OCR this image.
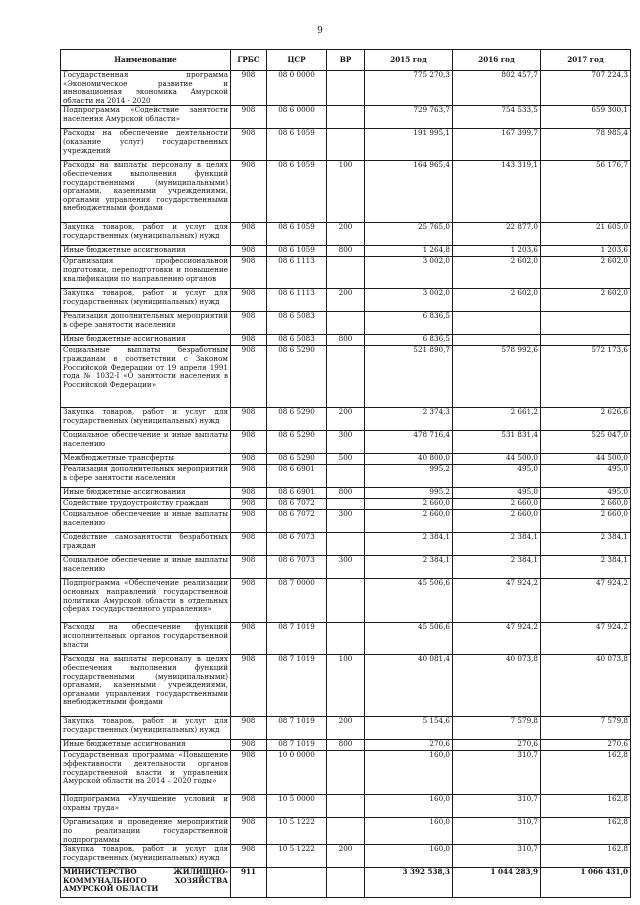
9
Наименование	ГРБС	ЦСР	ВР	2015 год	2016 год	2017 год
Государственная программа «Экономическое развитие и инновационная экономика Амурской области на 2014 - 2020	908	08 0 0000		775 270,3	802 457,7	707 224,3
Подпрограмма «Содействие занятости населения Амурской области»	908	08 6 0000		729 763,7	754 533,5	659 300,1
Расходы на обеспечение деятельности (оказание услуг) государственных учреждений	908	08 6 1059		191 995,1	167 399,7	78 985,4
Расходы на выплаты персоналу в целях обеспечения выполнения функций государственными (муниципальными) органами, казенными учреждениями, органами управления государственными внебюджетными фондами	908	08 6 1059	100	164 965,4	143 319,1	56 176,7
Закупка товаров, работ и услуг для государственных (муниципальных) нужд	908	08 6 1059	200	25 765,0	22 877,0	21 605,0
Иные бюджетные ассигнования	908	08 6 1059	800	1 264,8	1 203,6	1 203,6
Организация профессиональной подготовки, переподготовки и повышение квалификации по направлению органов	908	08 6 1113		3 002,0	2 602,0	2 602,0
Закупка товаров, работ и услуг для государственных (муниципальных) нужд	908	08 6 1113	200	3 002,0	2 602,0	2 602,0
Реализация дополнительных мероприятий в сфере занятости населения	908	08 6 5083		6 836,5		
Иные бюджетные ассигнования	908	08 6 5083	800	6 836,5		
Социальные выплаты безработным гражданам в соответствии с Законом Российской Федерации от 19 апреля 1991 года № 1032-I «О занятости населения в Российской Федерации»	908	08 6 5290		521 890,7	578 992,6	572 173,6
Закупка товаров, работ и услуг для государственных (муниципальных) нужд	908	08 6 5290	200	2 374,3	2 661,2	2 626,6
Социальное обеспечение и иные выплаты населению	908	08 6 5290	300	478 716,4	531 831,4	525 047,0
Межбюджетные трансферты	908	08 6 5290	500	40 800,0	44 500,0	44 500,0
Реализация дополнительных мероприятий в сфере занятости населения	908	08 6 6901		995,2	495,0	495,0
Иные бюджетные ассигнования	908	08 6 6901	800	995,2	495,0	495,0
Содействие трудоустройству граждан	908	08 6 7072		2 660,0	2 660,0	2 660,0
Социальное обеспечение и иные выплаты населению	908	08 6 7072	300	2 660,0	2 660,0	2 660,0
Содействие самозанятости безработных граждан	908	08 6 7073		2 384,1	2 384,1	2 384,1
Социальное обеспечение и иные выплаты населению	908	08 6 7073	300	2 384,1	2 384,1	2 384,1
Подпрограмма «Обеспечение реализации основных направлений государственной политики Амурской области в отдельных сферах государственного управления»	908	08 7 0000		45 506,6	47 924,2	47 924,2
Расходы на обеспечение функций исполнительных органов государственной власти	908	08 7 1019		45 506,6	47 924,2	47 924,2
Расходы на выплаты персоналу в целях обеспечения выполнения функций государственными (муниципальными) органами, казенными учреждениями, органами управления государственными внебюджетными фондами	908	08 7 1019	100	40 081,4	40 073,8	40 073,8
Закупка товаров, работ и услуг для государственных (муниципальных) нужд	908	08 7 1019	200	5 154,6	7 579,8	7 579,8
Иные бюджетные ассигнования	908	08 7 1019	800	270,6	270,6	270,6
Государственная программа «Повышение эффективности деятельности органов государственной власти и управления Амурской области на 2014 – 2020 годы»	908	10 0 0000		160,0	310,7	162,8
Подпрограмма «Улучшение условий и охраны труда»	908	10 5 0000		160,0	310,7	162,8
Организация и проведение мероприятий по реализации государственной подпрограммы	908	10 5 1222		160,0	310,7	162,8
Закупка товаров, работ и услуг для государственных (муниципальных) нужд	908	10 5 1222	200	160,0	310,7	162,8
МИНИСТЕРСТВО ЖИЛИЩНО-КОММУНАЛЬНОГО ХОЗЯЙСТВА АМУРСКОЙ ОБЛАСТИ	911			3 392 538,3	1 044 283,9	1 066 431,0
